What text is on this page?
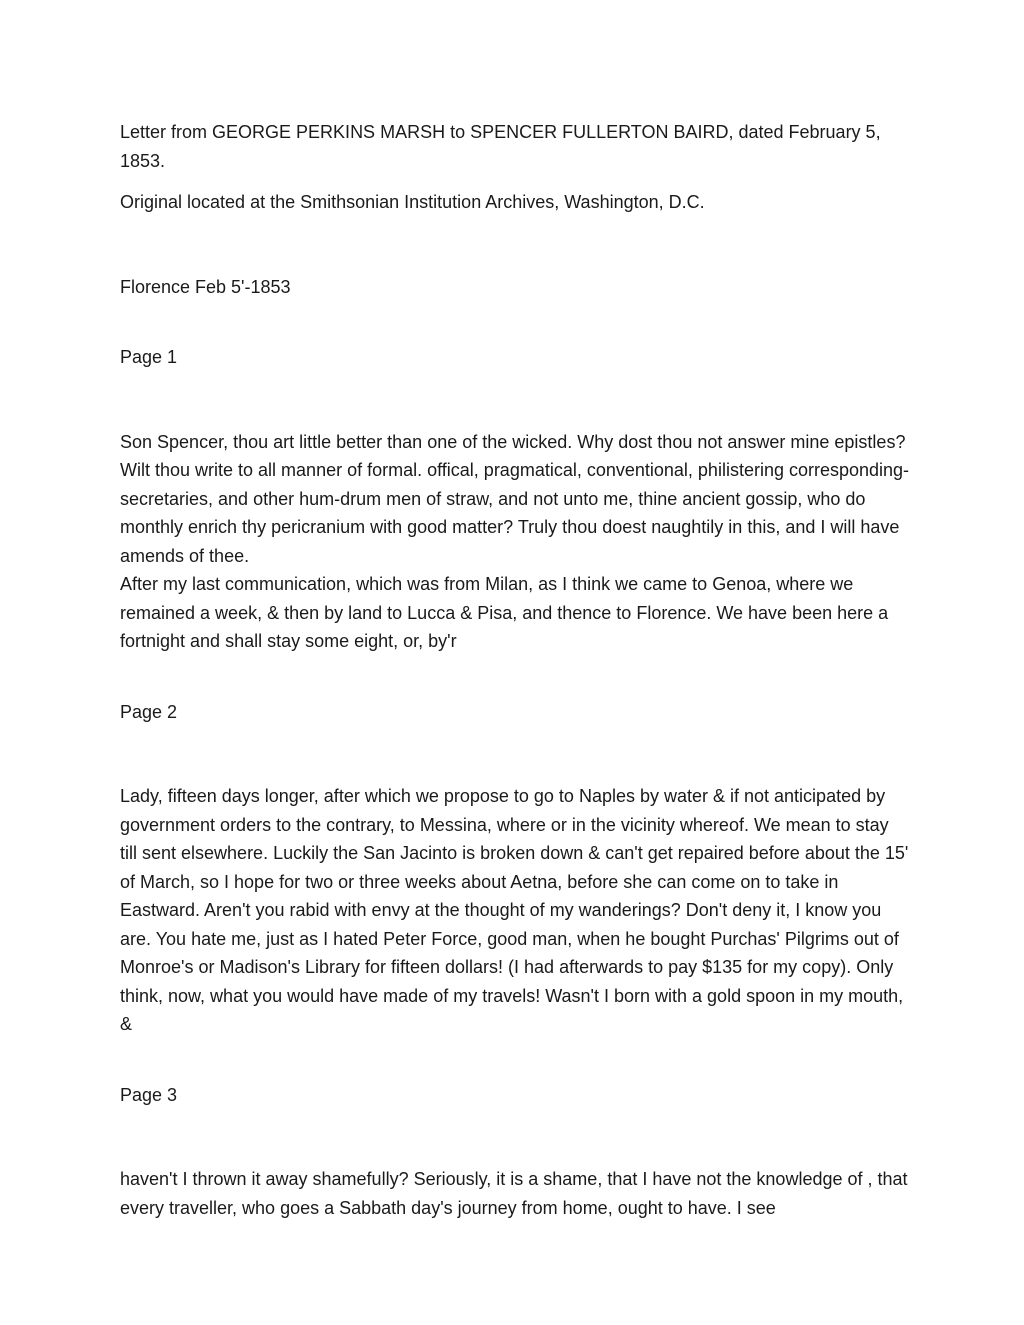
Letter from GEORGE PERKINS MARSH to SPENCER FULLERTON BAIRD, dated February 5, 1853.

Original located at the Smithsonian Institution Archives, Washington, D.C.

Florence Feb 5'-1853

Page 1

Son Spencer, thou art little better than one of the wicked. Why dost thou not answer mine epistles? Wilt thou write to all manner of formal. offical, pragmatical, conventional, philistering corresponding-secretaries, and other hum-drum men of straw, and not unto me, thine ancient gossip, who do monthly enrich thy pericranium with good matter? Truly thou doest naughtily in this, and I will have amends of thee.

After my last communication, which was from Milan, as I think we came to Genoa, where we remained a week, & then by land to Lucca & Pisa, and thence to Florence. We have been here a fortnight and shall stay some eight, or, by'r

Page 2

Lady, fifteen days longer, after which we propose to go to Naples by water & if not anticipated by government orders to the contrary, to Messina, where or in the vicinity whereof. We mean to stay till sent elsewhere. Luckily the San Jacinto is broken down & can't get repaired before about the 15' of March, so I hope for two or three weeks about Aetna, before she can come on to take in Eastward. Aren't you rabid with envy at the thought of my wanderings? Don't deny it, I know you are. You hate me, just as I hated Peter Force, good man, when he bought Purchas' Pilgrims out of Monroe's or Madison's Library for fifteen dollars! (I had afterwards to pay $135 for my copy). Only think, now, what you would have made of my travels! Wasn't I born with a gold spoon in my mouth, &

Page 3

haven't I thrown it away shamefully? Seriously, it is a shame, that I have not the knowledge of , that every traveller, who goes a Sabbath day's journey from home, ought to have. I see
